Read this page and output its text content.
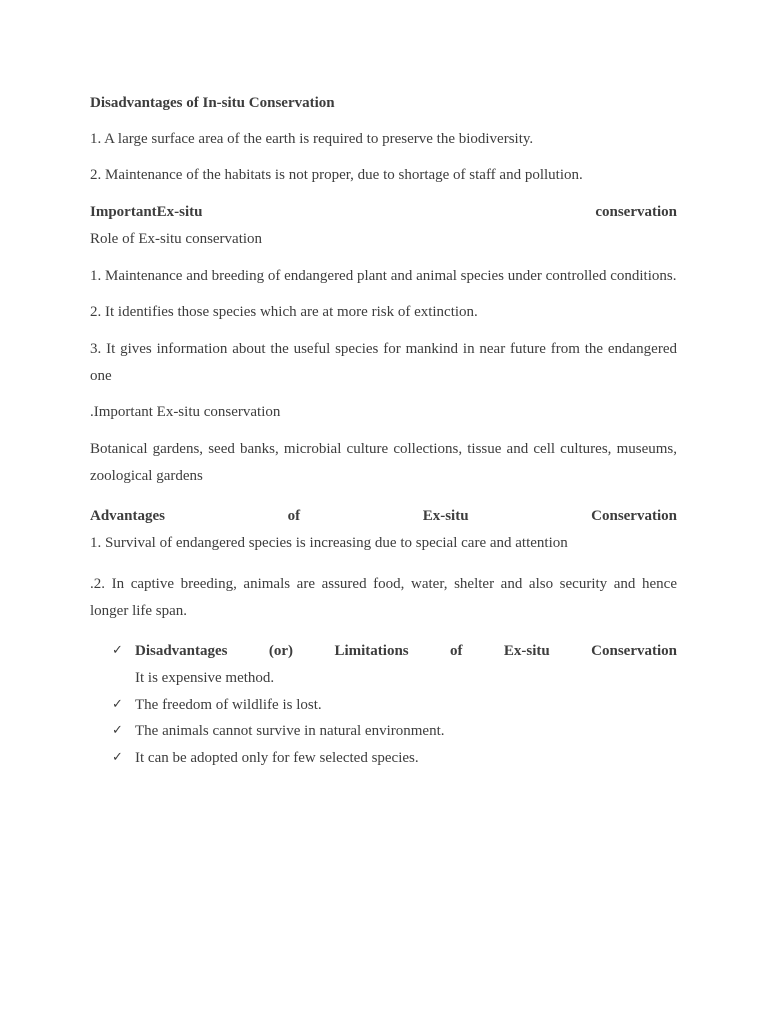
Disadvantages of In-situ Conservation

1. A large surface area of the earth is required to preserve the biodiversity.

2. Maintenance of the habitats is not proper, due to shortage of staff and pollution.

ImportantEx-situ	conservation

Role of Ex-situ conservation

1. Maintenance and breeding of endangered plant and animal species under controlled conditions.

2. It identifies those species which are at more risk of extinction.

3. It gives information about the useful species for mankind in near future from the endangered one

.Important Ex-situ conservation

Botanical gardens, seed banks, microbial culture collections, tissue and cell cultures, museums, zoological gardens

Advantages	of	Ex-situ	Conservation

1. Survival of endangered species is increasing due to special care and attention

.2. In captive breeding, animals are assured food, water, shelter and also security and hence longer life span.

✓ Disadvantages	(or)	Limitations	of	Ex-situ	Conservation
It is expensive method.
✓ The freedom of wildlife is lost.
✓ The animals cannot survive in natural environment.
✓ It can be adopted only for few selected species.
